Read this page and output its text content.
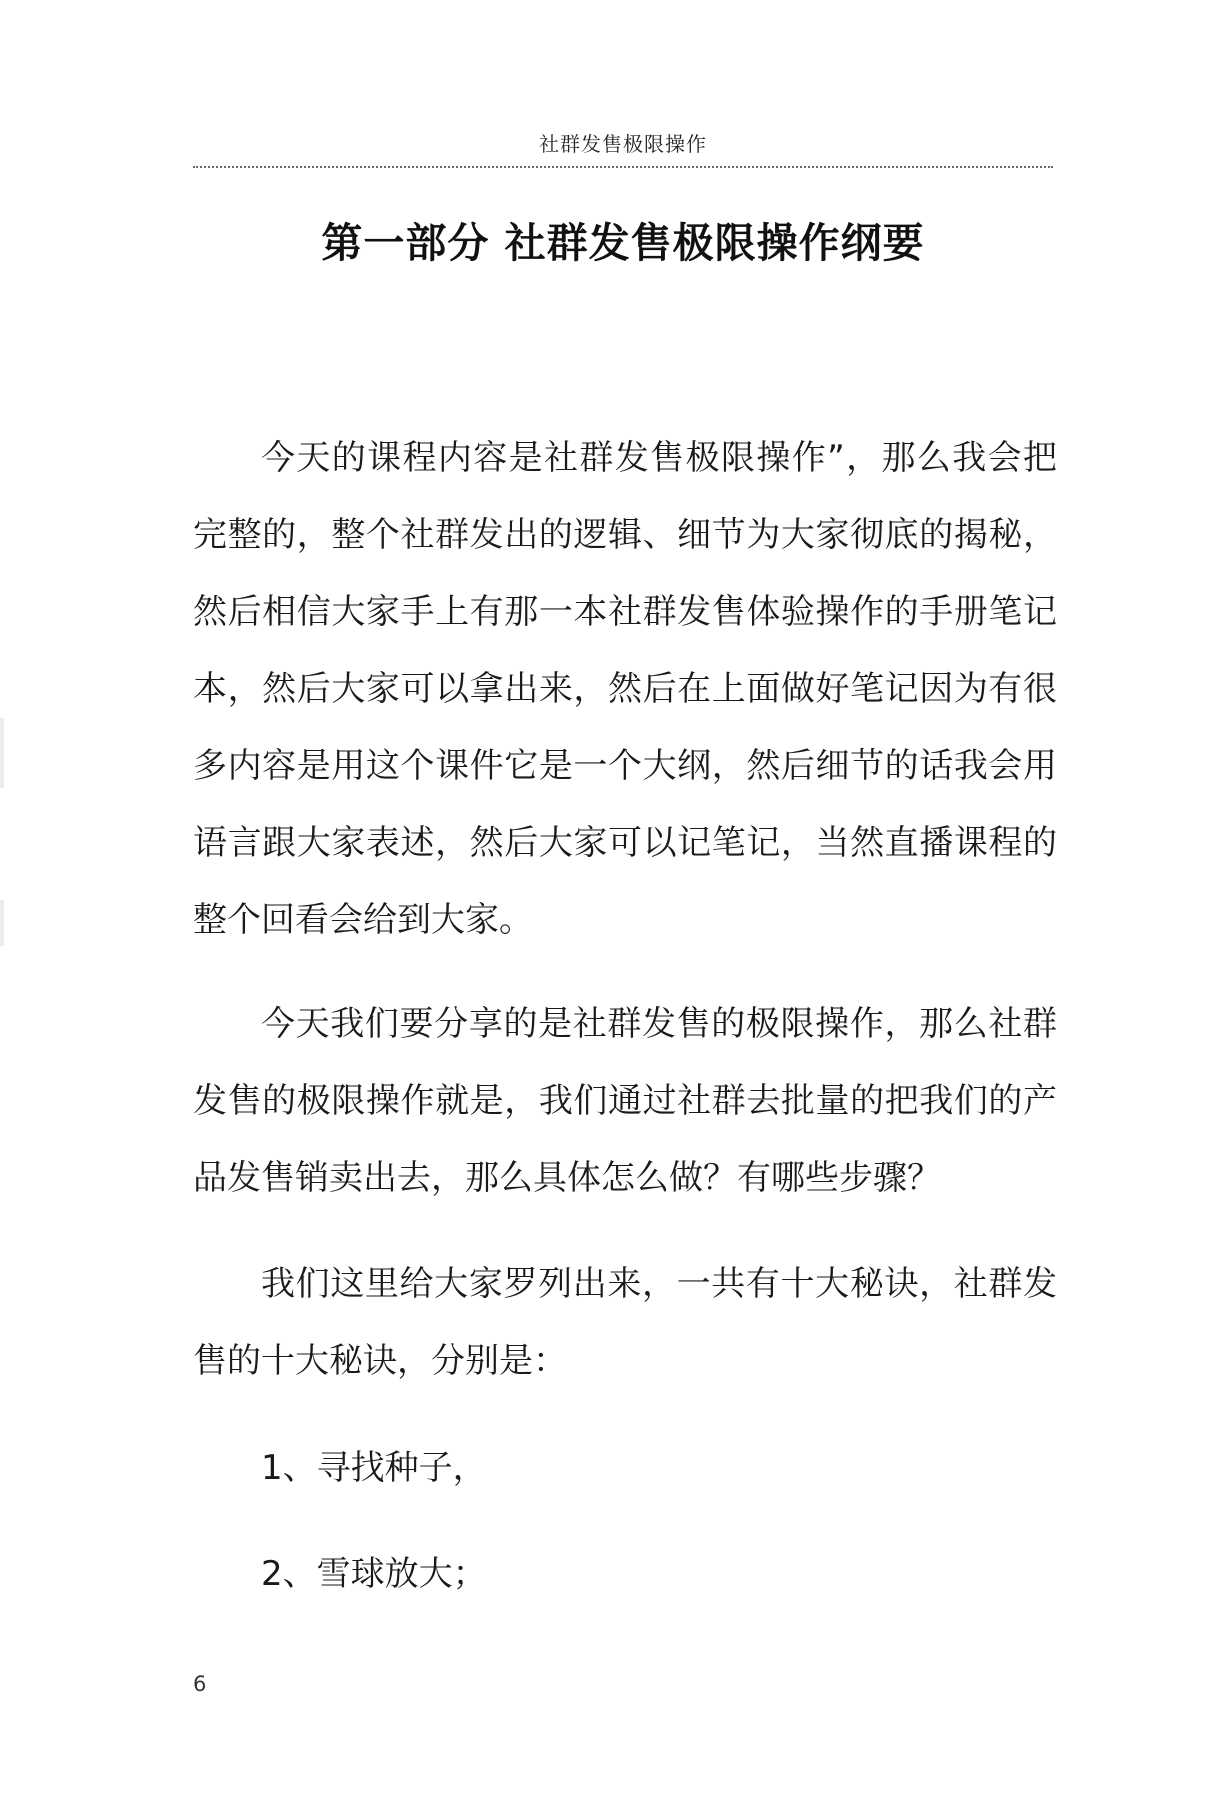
社群发售极限操作
第一部分 社群发售极限操作纲要

今天的课程内容是社群发售极限操作”，那么我会把完整的，整个社群发出的逻辑、细节为大家彻底的揭秘，然后相信大家手上有那一本社群发售体验操作的手册笔记本，然后大家可以拿出来，然后在上面做好笔记因为有很多内容是用这个课件它是一个大纲，然后细节的话我会用语言跟大家表述，然后大家可以记笔记，当然直播课程的整个回看会给到大家。

今天我们要分享的是社群发售的极限操作，那么社群发售的极限操作就是，我们通过社群去批量的把我们的产品发售销卖出去，那么具体怎么做？有哪些步骤？

我们这里给大家罗列出来，一共有十大秘诀，社群发售的十大秘诀，分别是：

1、寻找种子，

2、雪球放大；

6
